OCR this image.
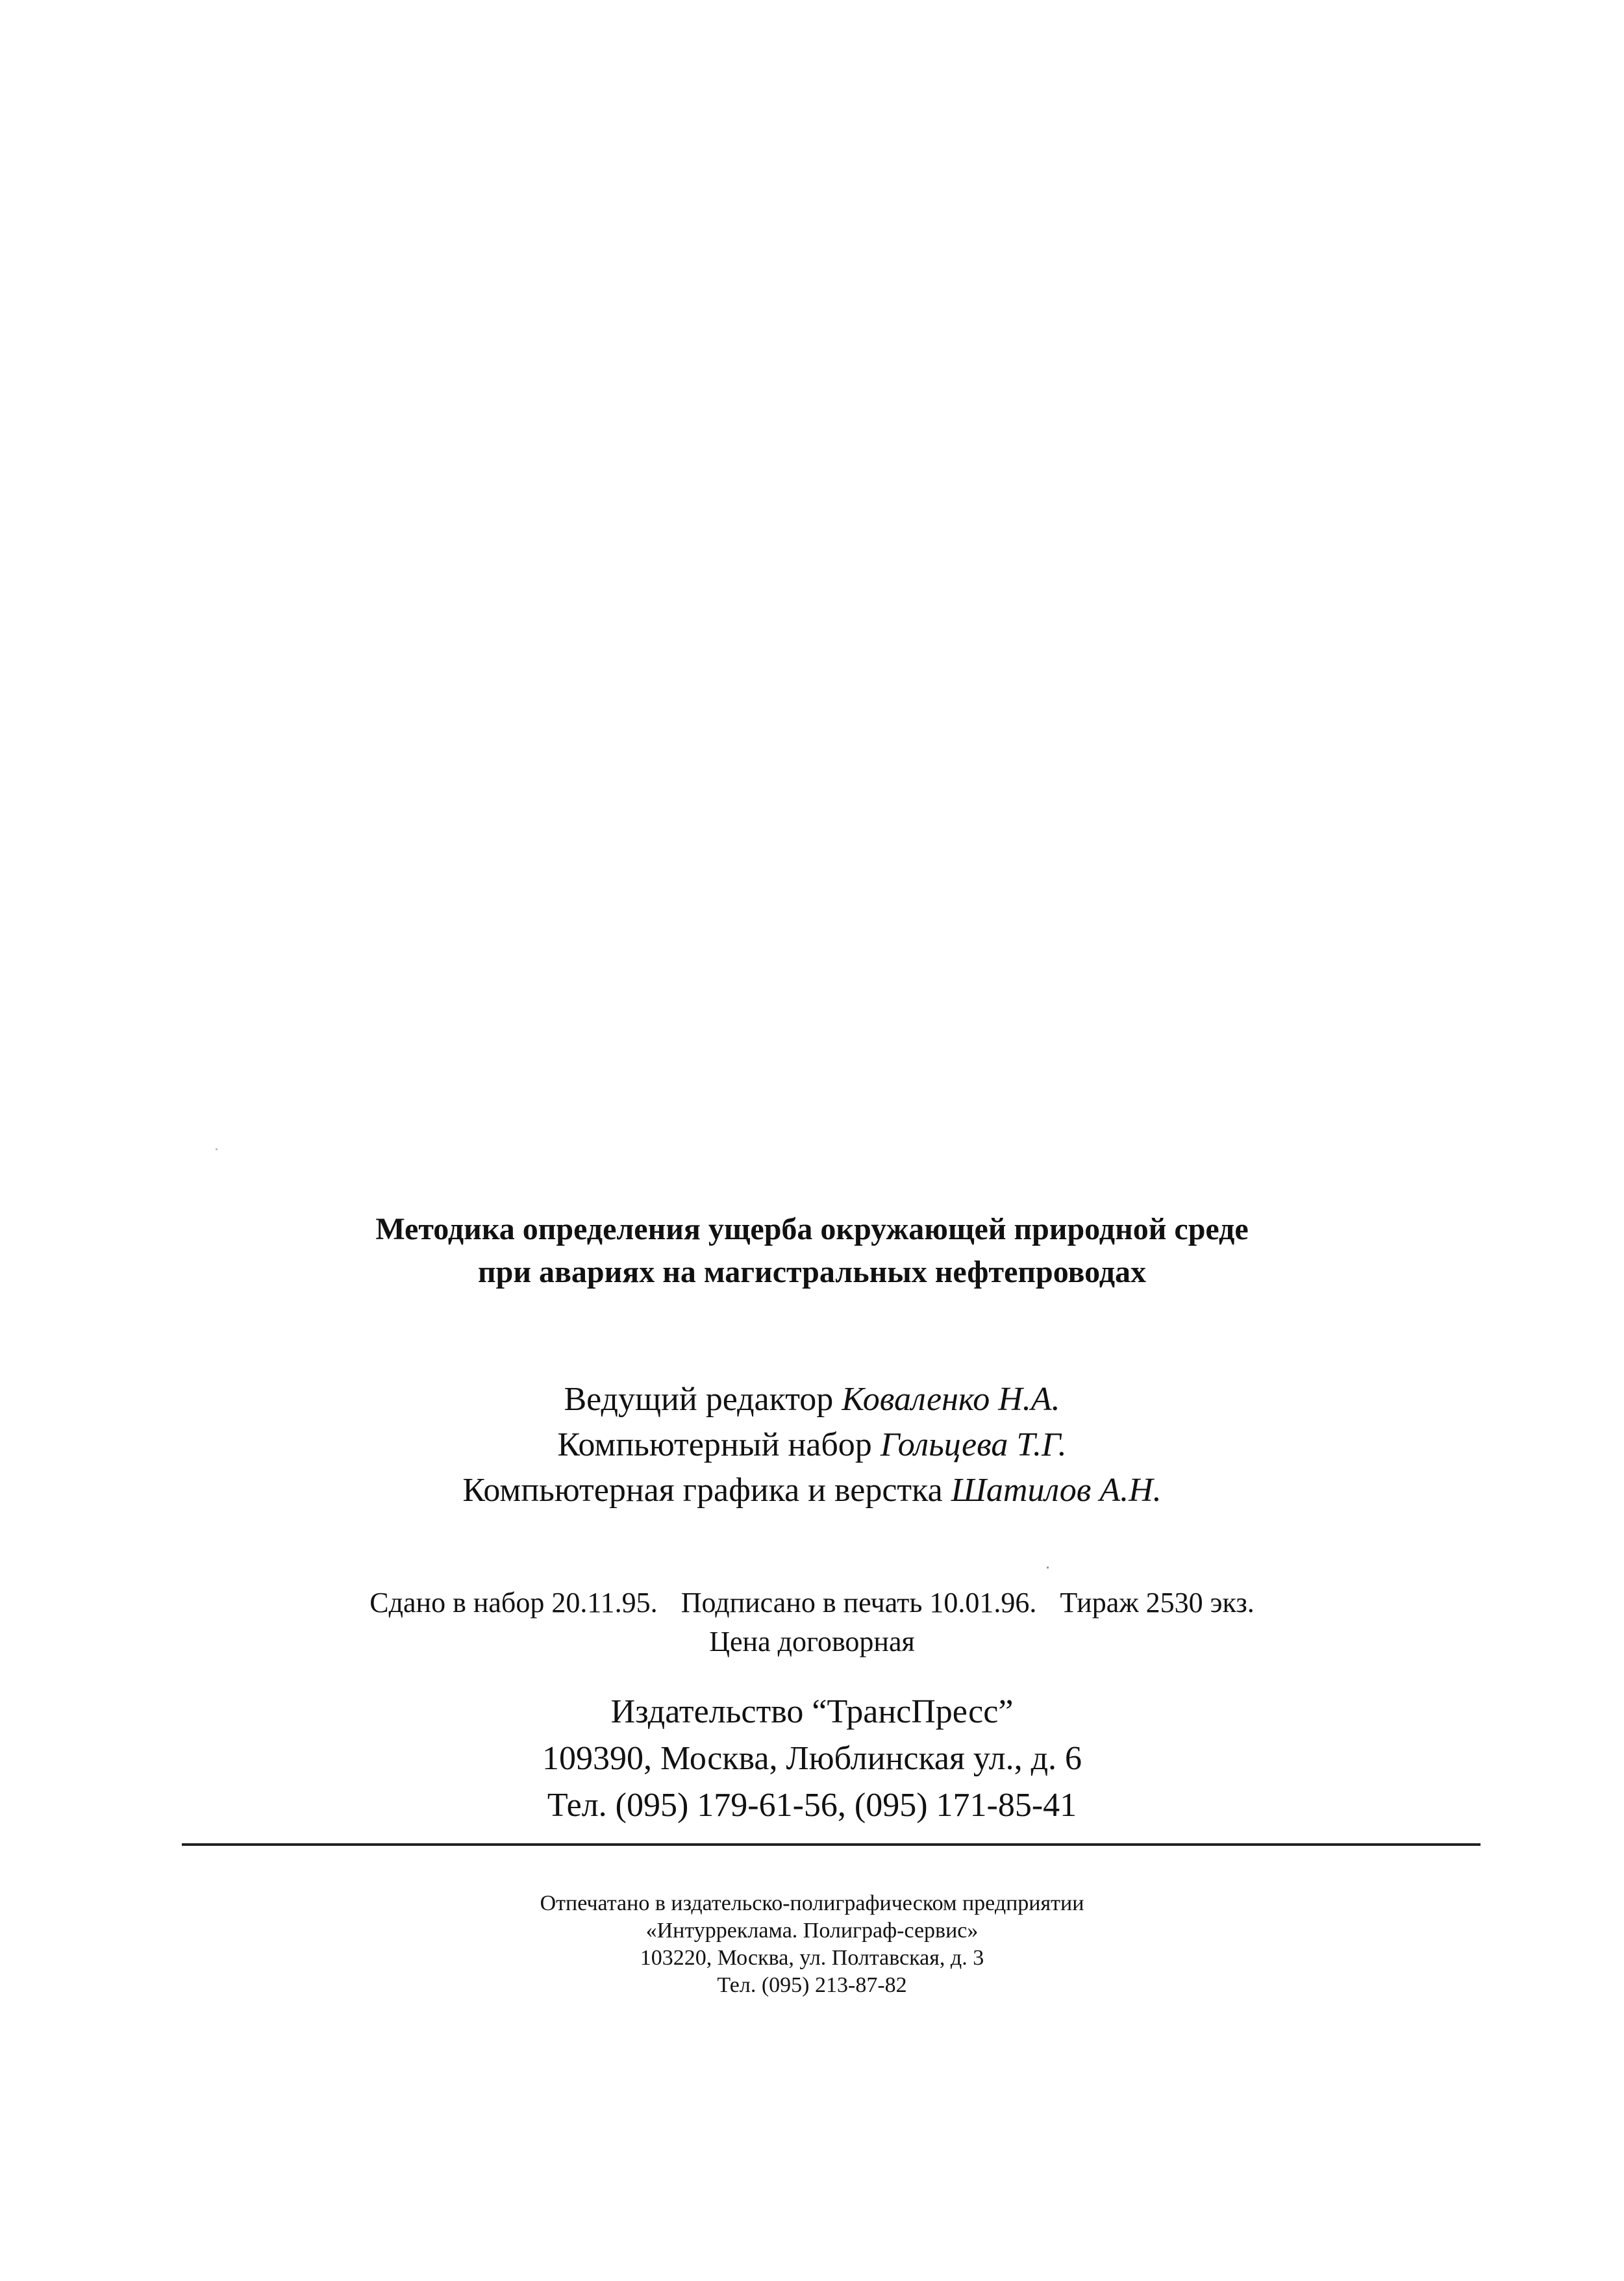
Методика определения ущерба окружающей природной среде
при авариях на магистральных нефтепроводах
Ведущий редактор Коваленко Н.А.
Компьютерный набор Гольцева Т.Г.
Компьютерная графика и верстка Шатилов А.Н.
Сдано в набор 20.11.95. Подписано в печать 10.01.96. Тираж 2530 экз.
Цена договорная
Издательство “ТрансПресс”
109390, Москва, Люблинская ул., д. 6
Тел. (095) 179-61-56, (095) 171-85-41
Отпечатано в издательско-полиграфическом предприятии
«Интуррeклама. Полиграф-сервис»
103220, Москва, ул. Полтавская, д. 3
Тел. (095) 213-87-82
